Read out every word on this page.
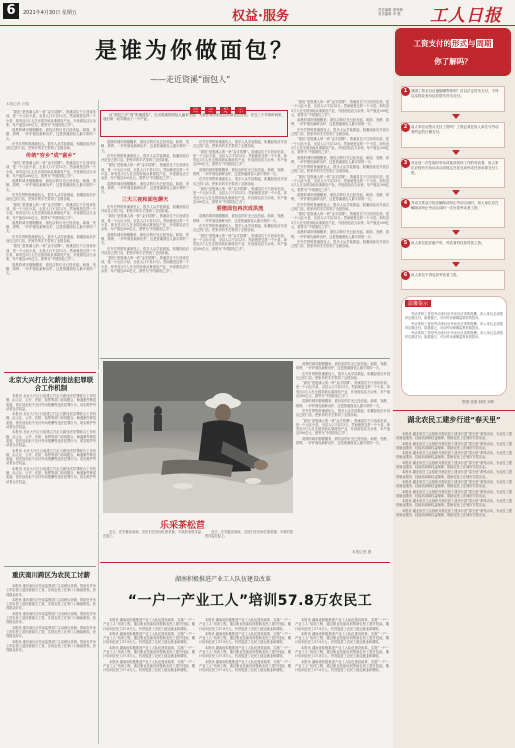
6	2021年4月30日 星期五	权益·服务	责任编辑 胡秀梅
美术编辑 李 强 工人日报
是谁为你做面包？
——走近资溪“面包人”
本报记者 卢翔
阅 读 提 示

从“面包之乡”到“资溪面包”，走出资溪的面包人遍布全国，大都在城市的社区或商业区经营。在近三十年的时间里，他们用一双手做出了一个产业。

“面包”是资溪人的一块“金字招牌”。资溪县位于江西省东部，是一个山区小县，全县人口不足13万。然而就是这样一个小县，却有近3万人在全国各地从事面包产业，开设面包店万余家，年产值近200亿元，被誉为“中国面包之乡”。

清晨的城市刚刚醒来，面包店的灯光已经亮起。和面、发酵、烘烤，一炉炉面包新鲜出炉，这是资溪面包人最平常的一天。

在外打拼的资溪面包人，很多人从学徒做起，积累经验后开设自己的门店，把家乡的手艺带到了全国各地。

传统“穷乡”成“富乡”

“面包”是资溪人的一块“金字招牌”。资溪县位于江西省东部，是一个山区小县，全县人口不足13万。然而就是这样一个小县，却有近3万人在全国各地从事面包产业，开设面包店万余家，年产值近200亿元，被誉为“中国面包之乡”。

清晨的城市刚刚醒来，面包店的灯光已经亮起。和面、发酵、烘烤，一炉炉面包新鲜出炉，这是资溪面包人最平常的一天。

在外打拼的资溪面包人，很多人从学徒做起，积累经验后开设自己的门店，把家乡的手艺带到了全国各地。

“面包”是资溪人的一块“金字招牌”。资溪县位于江西省东部，是一个山区小县，全县人口不足13万。然而就是这样一个小县，却有近3万人在全国各地从事面包产业，开设面包店万余家，年产值近200亿元，被誉为“中国面包之乡”。

清晨的城市刚刚醒来，面包店的灯光已经亮起。和面、发酵、烘烤，一炉炉面包新鲜出炉，这是资溪面包人最平常的一天。

在外打拼的资溪面包人，很多人从学徒做起，积累经验后开设自己的门店，把家乡的手艺带到了全国各地。

“面包”是资溪人的一块“金字招牌”。资溪县位于江西省东部，是一个山区小县，全县人口不足13万。然而就是这样一个小县，却有近3万人在全国各地从事面包产业，开设面包店万余家，年产值近200亿元，被誉为“中国面包之乡”。

清晨的城市刚刚醒来，面包店的灯光已经亮起。和面、发酵、烘烤，一炉炉面包新鲜出炉，这是资溪面包人最平常的一天。

清晨的城市刚刚醒来，面包店的灯光已经亮起。和面、发酵、烘烤，一炉炉面包新鲜出炉，这是资溪面包人最平常的一天。

在外打拼的资溪面包人，很多人从学徒做起，积累经验后开设自己的门店，把家乡的手艺带到了全国各地。

“面包”是资溪人的一块“金字招牌”。资溪县位于江西省东部，是一个山区小县，全县人口不足13万。然而就是这样一个小县，却有近3万人在全国各地从事面包产业，开设面包店万余家，年产值近200亿元，被誉为“中国面包之乡”。

清晨的城市刚刚醒来，面包店的灯光已经亮起。和面、发酵、烘烤，一炉炉面包新鲜出炉，这是资溪面包人最平常的一天。

三天三夜和面包聊天

在外打拼的资溪面包人，很多人从学徒做起，积累经验后开设自己的门店，把家乡的手艺带到了全国各地。

“面包”是资溪人的一块“金字招牌”。资溪县位于江西省东部，是一个山区小县，全县人口不足13万。然而就是这样一个小县，却有近3万人在全国各地从事面包产业，开设面包店万余家，年产值近200亿元，被誉为“中国面包之乡”。

清晨的城市刚刚醒来，面包店的灯光已经亮起。和面、发酵、烘烤，一炉炉面包新鲜出炉，这是资溪面包人最平常的一天。

在外打拼的资溪面包人，很多人从学徒做起，积累经验后开设自己的门店，把家乡的手艺带到了全国各地。

“面包”是资溪人的一块“金字招牌”。资溪县位于江西省东部，是一个山区小县，全县人口不足13万。然而就是这样一个小县，却有近3万人在全国各地从事面包产业，开设面包店万余家，年产值近200亿元，被誉为“中国面包之乡”。

在外打拼的资溪面包人，很多人从学徒做起，积累经验后开设自己的门店，把家乡的手艺带到了全国各地。

“面包”是资溪人的一块“金字招牌”。资溪县位于江西省东部，是一个山区小县，全县人口不足13万。然而就是这样一个小县，却有近3万人在全国各地从事面包产业，开设面包店万余家，年产值近200亿元，被誉为“中国面包之乡”。

清晨的城市刚刚醒来，面包店的灯光已经亮起。和面、发酵、烘烤，一炉炉面包新鲜出炉，这是资溪面包人最平常的一天。

在外打拼的资溪面包人，很多人从学徒做起，积累经验后开设自己的门店，把家乡的手艺带到了全国各地。

“面包”是资溪人的一块“金字招牌”。资溪县位于江西省东部，是一个山区小县，全县人口不足13万。然而就是这样一个小县，却有近3万人在全国各地从事面包产业，开设面包店万余家，年产值近200亿元，被誉为“中国面包之乡”。

骄傲面包再次成洪流

清晨的城市刚刚醒来，面包店的灯光已经亮起。和面、发酵、烘烤，一炉炉面包新鲜出炉，这是资溪面包人最平常的一天。

在外打拼的资溪面包人，很多人从学徒做起，积累经验后开设自己的门店，把家乡的手艺带到了全国各地。

“面包”是资溪人的一块“金字招牌”。资溪县位于江西省东部，是一个山区小县，全县人口不足13万。然而就是这样一个小县，却有近3万人在全国各地从事面包产业，开设面包店万余家，年产值近200亿元，被誉为“中国面包之乡”。

“面包”是资溪人的一块“金字招牌”。资溪县位于江西省东部，是一个山区小县，全县人口不足13万。然而就是这样一个小县，却有近3万人在全国各地从事面包产业，开设面包店万余家，年产值近200亿元，被誉为“中国面包之乡”。

清晨的城市刚刚醒来，面包店的灯光已经亮起。和面、发酵、烘烤，一炉炉面包新鲜出炉，这是资溪面包人最平常的一天。

在外打拼的资溪面包人，很多人从学徒做起，积累经验后开设自己的门店，把家乡的手艺带到了全国各地。

“面包”是资溪人的一块“金字招牌”。资溪县位于江西省东部，是一个山区小县，全县人口不足13万。然而就是这样一个小县，却有近3万人在全国各地从事面包产业，开设面包店万余家，年产值近200亿元，被誉为“中国面包之乡”。

清晨的城市刚刚醒来，面包店的灯光已经亮起。和面、发酵、烘烤，一炉炉面包新鲜出炉，这是资溪面包人最平常的一天。

在外打拼的资溪面包人，很多人从学徒做起，积累经验后开设自己的门店，把家乡的手艺带到了全国各地。

“面包”是资溪人的一块“金字招牌”。资溪县位于江西省东部，是一个山区小县，全县人口不足13万。然而就是这样一个小县，却有近3万人在全国各地从事面包产业，开设面包店万余家，年产值近200亿元，被誉为“中国面包之乡”。

清晨的城市刚刚醒来，面包店的灯光已经亮起。和面、发酵、烘烤，一炉炉面包新鲜出炉，这是资溪面包人最平常的一天。

在外打拼的资溪面包人，很多人从学徒做起，积累经验后开设自己的门店，把家乡的手艺带到了全国各地。

“面包”是资溪人的一块“金字招牌”。资溪县位于江西省东部，是一个山区小县，全县人口不足13万。然而就是这样一个小县，却有近3万人在全国各地从事面包产业，开设面包店万余家，年产值近200亿元，被誉为“中国面包之乡”。

清晨的城市刚刚醒来，面包店的灯光已经亮起。和面、发酵、烘烤，一炉炉面包新鲜出炉，这是资溪面包人最平常的一天。

在外打拼的资溪面包人，很多人从学徒做起，积累经验后开设自己的门店，把家乡的手艺带到了全国各地。

北京大兴打击欠薪违法犯罪联合工作机制

本报讯 北京大兴区日前建立打击欠薪违法犯罪联合工作机制，由人社、公安、法院、检察等部门协同配合，畅通案件移送渠道，依法惩治拒不支付劳动报酬等违法犯罪行为，切实维护劳动者合法权益。

本报讯 北京大兴区日前建立打击欠薪违法犯罪联合工作机制，由人社、公安、法院、检察等部门协同配合，畅通案件移送渠道，依法惩治拒不支付劳动报酬等违法犯罪行为，切实维护劳动者合法权益。

本报讯 北京大兴区日前建立打击欠薪违法犯罪联合工作机制，由人社、公安、法院、检察等部门协同配合，畅通案件移送渠道，依法惩治拒不支付劳动报酬等违法犯罪行为，切实维护劳动者合法权益。

本报讯 北京大兴区日前建立打击欠薪违法犯罪联合工作机制，由人社、公安、法院、检察等部门协同配合，畅通案件移送渠道，依法惩治拒不支付劳动报酬等违法犯罪行为，切实维护劳动者合法权益。

本报讯 北京大兴区日前建立打击欠薪违法犯罪联合工作机制，由人社、公安、法院、检察等部门协同配合，畅通案件移送渠道，依法惩治拒不支付劳动报酬等违法犯罪行为，切实维护劳动者合法权益。

重庆南川跨区为农民工讨薪

本报讯 重庆南川区劳动监察部门主动跨区协调，帮助在外务工的农民工追回被拖欠工资，实现农民工在家门口就能维权，获得群众好评。

本报讯 重庆南川区劳动监察部门主动跨区协调，帮助在外务工的农民工追回被拖欠工资，实现农民工在家门口就能维权，获得群众好评。

本报讯 重庆南川区劳动监察部门主动跨区协调，帮助在外务工的农民工追回被拖欠工资，实现农民工在家门口就能维权，获得群众好评。

本报讯 重庆南川区劳动监察部门主动跨区协调，帮助在外务工的农民工追回被拖欠工资，实现农民工在家门口就能维权，获得群众好评。

本报讯 重庆南川区劳动监察部门主动跨区协调，帮助在外务工的农民工追回被拖欠工资，实现农民工在家门口就能维权，获得群众好评。

乐采茶松苣

近日，在安徽省某地，农民们在田间忙着采摘，丰收的喜悦洋溢在脸上。

近日，在安徽省某地，农民们在田间忙着采摘，丰收的喜悦洋溢在脸上。

清晨的城市刚刚醒来，面包店的灯光已经亮起。和面、发酵、烘烤，一炉炉面包新鲜出炉，这是资溪面包人最平常的一天。

在外打拼的资溪面包人，很多人从学徒做起，积累经验后开设自己的门店，把家乡的手艺带到了全国各地。

“面包”是资溪人的一块“金字招牌”。资溪县位于江西省东部，是一个山区小县，全县人口不足13万。然而就是这样一个小县，却有近3万人在全国各地从事面包产业，开设面包店万余家，年产值近200亿元，被誉为“中国面包之乡”。

清晨的城市刚刚醒来，面包店的灯光已经亮起。和面、发酵、烘烤，一炉炉面包新鲜出炉，这是资溪面包人最平常的一天。

在外打拼的资溪面包人，很多人从学徒做起，积累经验后开设自己的门店，把家乡的手艺带到了全国各地。

“面包”是资溪人的一块“金字招牌”。资溪县位于江西省东部，是一个山区小县，全县人口不足13万。然而就是这样一个小县，却有近3万人在全国各地从事面包产业，开设面包店万余家，年产值近200亿元，被誉为“中国面包之乡”。

清晨的城市刚刚醒来，面包店的灯光已经亮起。和面、发酵、烘烤，一炉炉面包新鲜出炉，这是资溪面包人最平常的一天。

本报记者 摄
湖南积极推进产业工人队伍建设改革
“一户一产业工人”培训57.8万农民工

本报讯 湖南省积极推进产业工人队伍建设改革，实施“一户一产业工人”培训工程，通过职业技能培训帮助农民工提升技能，累计培训农民工57.8万人，有效促进了农民工稳定就业和增收。

本报讯 湖南省积极推进产业工人队伍建设改革，实施“一户一产业工人”培训工程，通过职业技能培训帮助农民工提升技能，累计培训农民工57.8万人，有效促进了农民工稳定就业和增收。

本报讯 湖南省积极推进产业工人队伍建设改革，实施“一户一产业工人”培训工程，通过职业技能培训帮助农民工提升技能，累计培训农民工57.8万人，有效促进了农民工稳定就业和增收。

本报讯 湖南省积极推进产业工人队伍建设改革，实施“一户一产业工人”培训工程，通过职业技能培训帮助农民工提升技能，累计培训农民工57.8万人，有效促进了农民工稳定就业和增收。

本报讯 湖南省积极推进产业工人队伍建设改革，实施“一户一产业工人”培训工程，通过职业技能培训帮助农民工提升技能，累计培训农民工57.8万人，有效促进了农民工稳定就业和增收。

本报讯 湖南省积极推进产业工人队伍建设改革，实施“一户一产业工人”培训工程，通过职业技能培训帮助农民工提升技能，累计培训农民工57.8万人，有效促进了农民工稳定就业和增收。

本报讯 湖南省积极推进产业工人队伍建设改革，实施“一户一产业工人”培训工程，通过职业技能培训帮助农民工提升技能，累计培训农民工57.8万人，有效促进了农民工稳定就业和增收。

本报讯 湖南省积极推进产业工人队伍建设改革，实施“一户一产业工人”培训工程，通过职业技能培训帮助农民工提升技能，累计培训农民工57.8万人，有效促进了农民工稳定就业和增收。

本报讯 湖南省积极推进产业工人队伍建设改革，实施“一户一产业工人”培训工程，通过职业技能培训帮助农民工提升技能，累计培训农民工57.8万人，有效促进了农民工稳定就业和增收。

本报讯 湖南省积极推进产业工人队伍建设改革，实施“一户一产业工人”培训工程，通过职业技能培训帮助农民工提升技能，累计培训农民工57.8万人，有效促进了农民工稳定就业和增收。

本报讯 湖南省积极推进产业工人队伍建设改革，实施“一户一产业工人”培训工程，通过职业技能培训帮助农民工提升技能，累计培训农民工57.8万人，有效促进了农民工稳定就业和增收。

本报讯 湖南省积极推进产业工人队伍建设改革，实施“一户一产业工人”培训工程，通过职业技能培训帮助农民工提升技能，累计培训农民工57.8万人，有效促进了农民工稳定就业和增收。

工资支付的形式与周期
你了解吗？
1	我国工资支付应遵循哪些原则？应以法定货币支付，不得以实物及有价证券替代货币支付。
2	用人单位应按月支付工资吗？工资必须在用人单位与劳动者约定的日期支付。
3	对完成一次性临时劳动或某项具体工作的劳动者，用人单位应按有关协议或合同规定在其完成劳动任务后即支付工资。
4	劳动关系双方依法解除或终止劳动合同时，用人单位应在解除或终止劳动合同时一次付清劳动者工资。
5	用人单位依法破产时，劳动者有权获得其工资。
6	用人单位不得克扣劳动者工资。
温馨提示

劳动者的工资是劳动者付出劳动后应得的报酬，用人单位必须按时足额支付。如遇拖欠，可向劳动保障监察机构投诉。

劳动者的工资是劳动者付出劳动后应得的报酬，用人单位必须按时足额支付。如遇拖欠，可向劳动保障监察机构投诉。

劳动者的工资是劳动者付出劳动后应得的报酬，用人单位必须按时足额支付。如遇拖欠，可向劳动保障监察机构投诉。

整理 张静 制图 刘利
湖北农民工建步行进“春天里”

本报讯 湖北省总工会组织开展农民工建步行进“春天里”系列活动，为农民工提供就业服务、技能培训和权益保障，帮助农民工在城市安居乐业。

本报讯 湖北省总工会组织开展农民工建步行进“春天里”系列活动，为农民工提供就业服务、技能培训和权益保障，帮助农民工在城市安居乐业。

本报讯 湖北省总工会组织开展农民工建步行进“春天里”系列活动，为农民工提供就业服务、技能培训和权益保障，帮助农民工在城市安居乐业。

本报讯 湖北省总工会组织开展农民工建步行进“春天里”系列活动，为农民工提供就业服务、技能培训和权益保障，帮助农民工在城市安居乐业。

本报讯 湖北省总工会组织开展农民工建步行进“春天里”系列活动，为农民工提供就业服务、技能培训和权益保障，帮助农民工在城市安居乐业。

本报讯 湖北省总工会组织开展农民工建步行进“春天里”系列活动，为农民工提供就业服务、技能培训和权益保障，帮助农民工在城市安居乐业。

本报讯 湖北省总工会组织开展农民工建步行进“春天里”系列活动，为农民工提供就业服务、技能培训和权益保障，帮助农民工在城市安居乐业。

本报讯 湖北省总工会组织开展农民工建步行进“春天里”系列活动，为农民工提供就业服务、技能培训和权益保障，帮助农民工在城市安居乐业。

本报讯 湖北省总工会组织开展农民工建步行进“春天里”系列活动，为农民工提供就业服务、技能培训和权益保障，帮助农民工在城市安居乐业。
